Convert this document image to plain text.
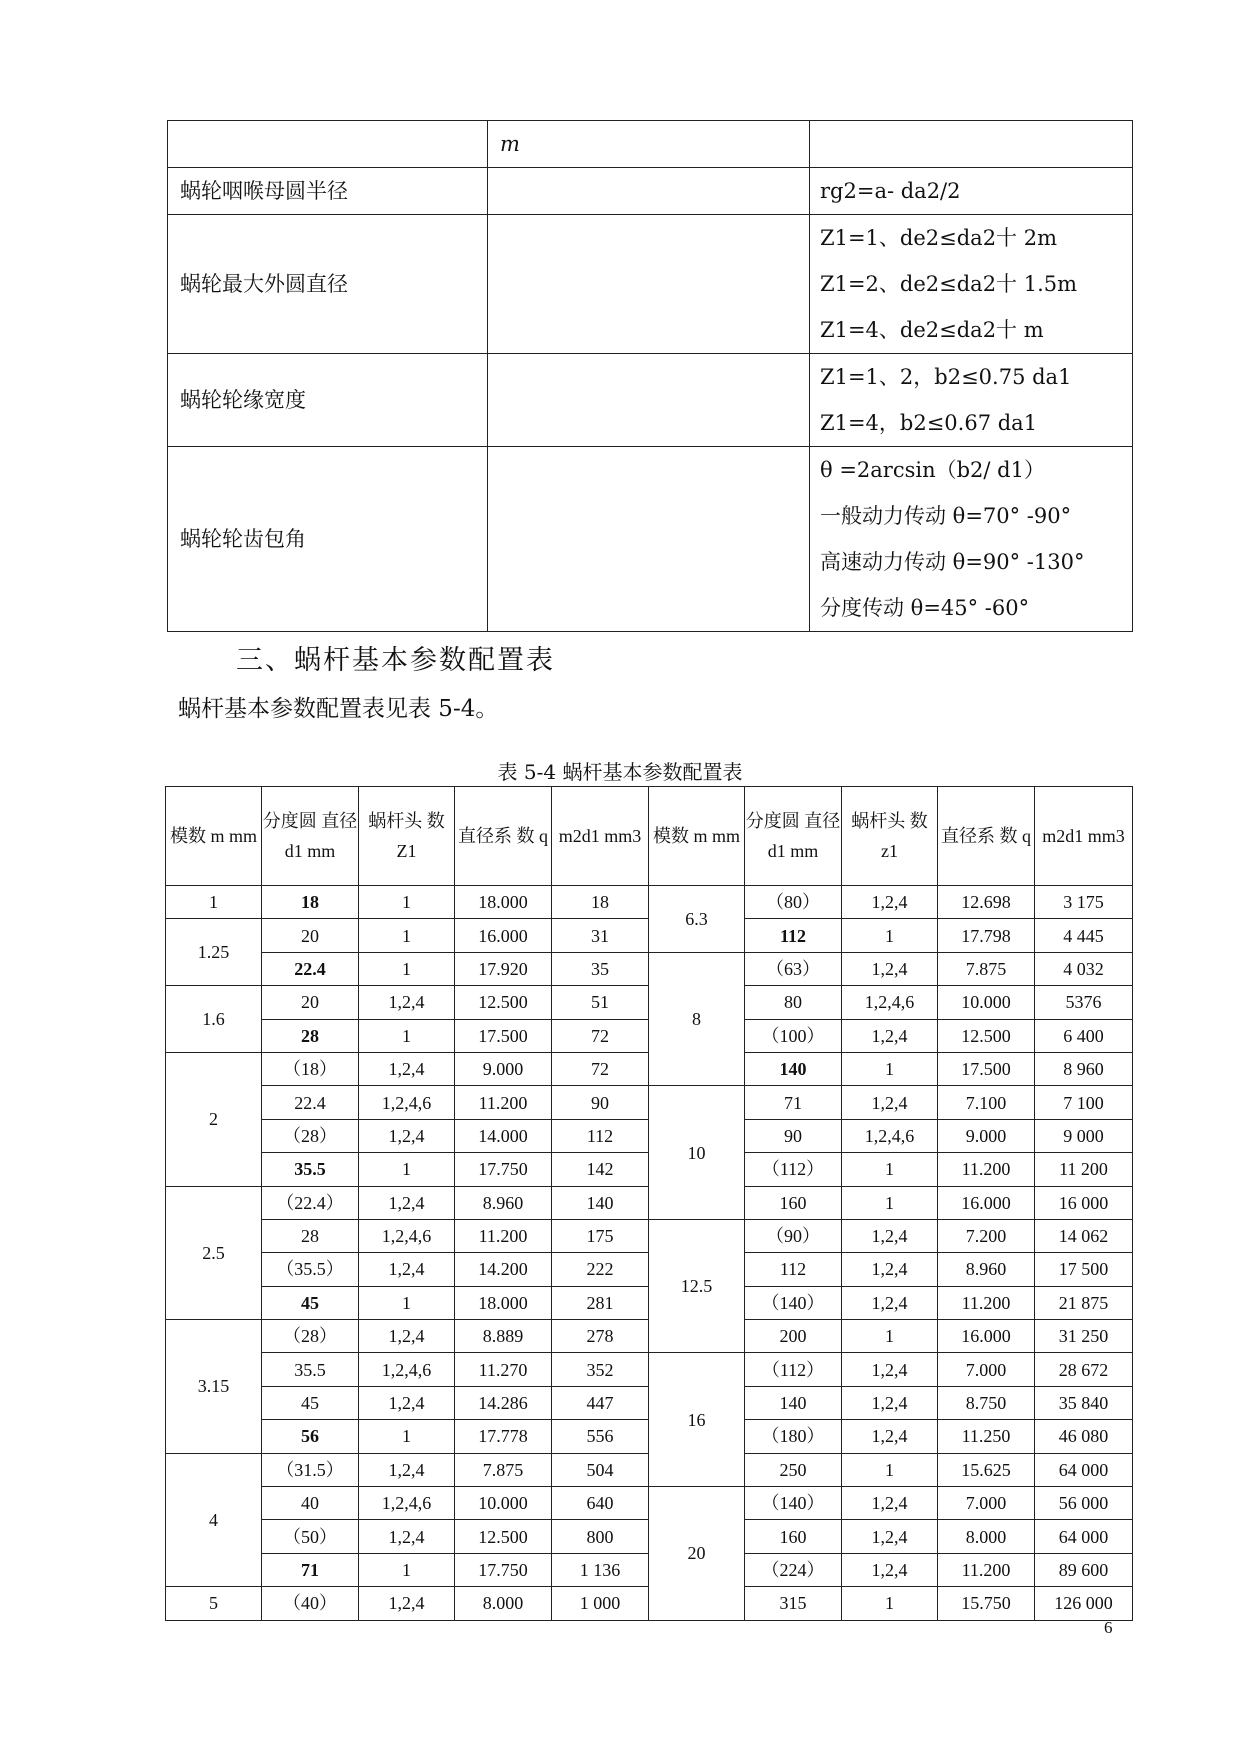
	m	

蜗轮咽喉母圆半径		rg2=a- da2/2

蜗轮最大外圆直径		Z1=1、de2≤da2十 2m
Z1=2、de2≤da2十 1.5m
Z1=4、de2≤da2十 m

蜗轮轮缘宽度		Z1=1、2，b2≤0.75 da1
Z1=4，b2≤0.67 da1

蜗轮轮齿包角		θ =2arcsin（b2/ d1）
一般动力传动 θ=70° -90°
高速动力传动 θ=90° -130°
分度传动 θ=45° -60°
三、蜗杆基本参数配置表
蜗杆基本参数配置表见表 5-4。
表 5-4 蜗杆基本参数配置表
模数 m mm	分度圆 直径 d1 mm	蜗杆头 数 Z1	直径系 数 q	m2d1 mm3	模数 m mm	分度圆 直径 d1 mm	蜗杆头 数 z1	直径系 数 q	m2d1 mm3
1	18	1	18.000	18	6.3	（80）	1,2,4	12.698	3 175
1.25	20	1	16.000	31		112	1	17.798	4 445
	22.4	1	17.920	35	8	（63）	1,2,4	7.875	4 032
1.6	20	1,2,4	12.500	51		80	1,2,4,6	10.000	5376
	28	1	17.500	72		（100）	1,2,4	12.500	6 400
2	（18）	1,2,4	9.000	72		140	1	17.500	8 960
	22.4	1,2,4,6	11.200	90	10	71	1,2,4	7.100	7 100
	（28）	1,2,4	14.000	112		90	1,2,4,6	9.000	9 000
	35.5	1	17.750	142		（112）	1	11.200	11 200
2.5	（22.4）	1,2,4	8.960	140		160	1	16.000	16 000
	28	1,2,4,6	11.200	175	12.5	（90）	1,2,4	7.200	14 062
	（35.5）	1,2,4	14.200	222		112	1,2,4	8.960	17 500
	45	1	18.000	281		（140）	1,2,4	11.200	21 875
3.15	（28）	1,2,4	8.889	278		200	1	16.000	31 250
	35.5	1,2,4,6	11.270	352	16	（112）	1,2,4	7.000	28 672
	45	1,2,4	14.286	447		140	1,2,4	8.750	35 840
	56	1	17.778	556		（180）	1,2,4	11.250	46 080
4	（31.5）	1,2,4	7.875	504		250	1	15.625	64 000
	40	1,2,4,6	10.000	640	20	（140）	1,2,4	7.000	56 000
	（50）	1,2,4	12.500	800		160	1,2,4	8.000	64 000
	71	1	17.750	1 136		（224）	1,2,4	11.200	89 600
5	（40）	1,2,4	8.000	1 000		315	1	15.750	126 000
6
